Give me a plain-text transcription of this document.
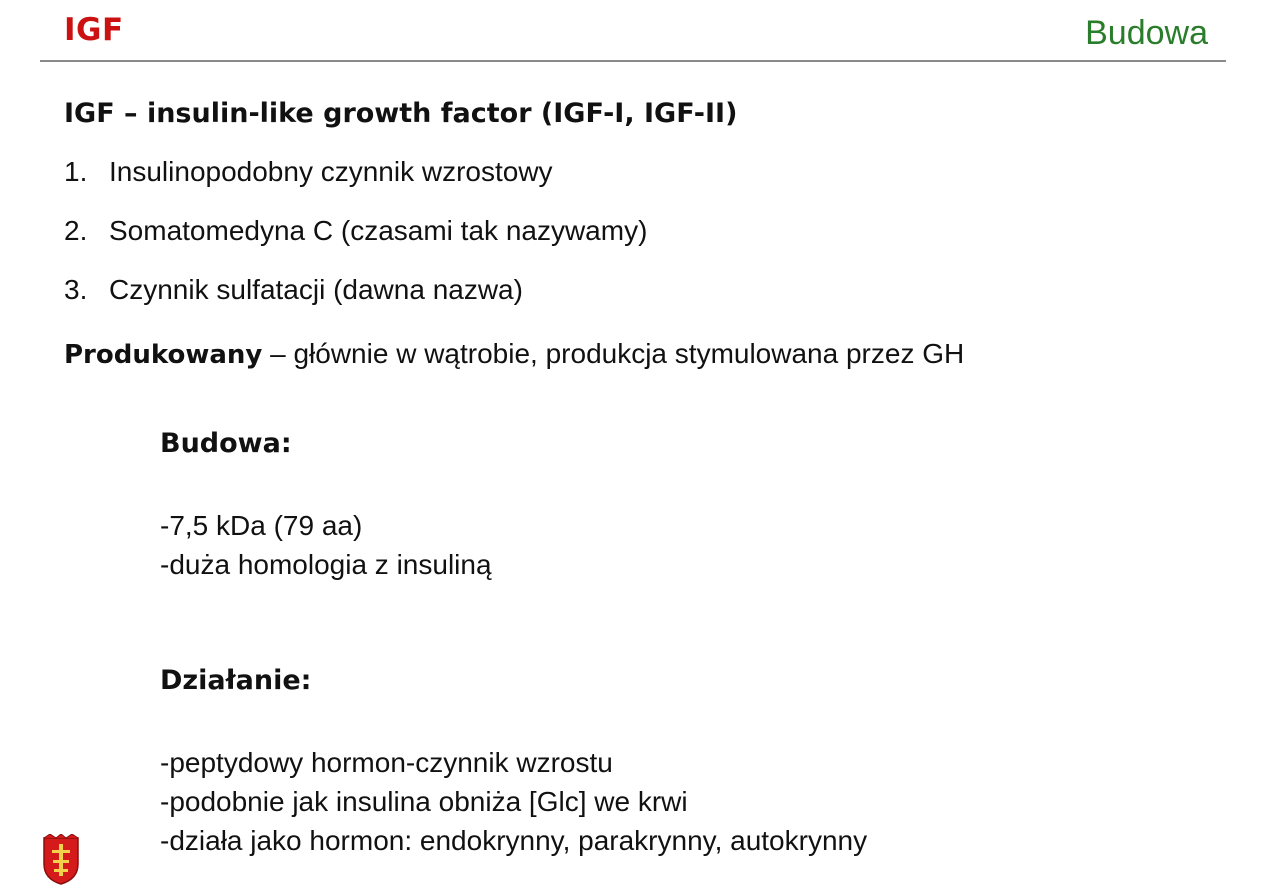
IGF	Budowa
IGF – insulin-like growth factor (IGF-I, IGF-II)
1. Insulinopodobny czynnik wzrostowy
2. Somatomedyna C (czasami tak nazywamy)
3. Czynnik sulfatacji (dawna nazwa)
Produkowany – głównie w wątrobie, produkcja stymulowana przez GH
Budowa:
-7,5 kDa (79 aa)
-duża homologia z insuliną
Działanie:
-peptydowy hormon-czynnik wzrostu
-podobnie jak insulina obniża [Glc] we krwi
-działa jako hormon: endokrynny, parakrynny, autokrynny
